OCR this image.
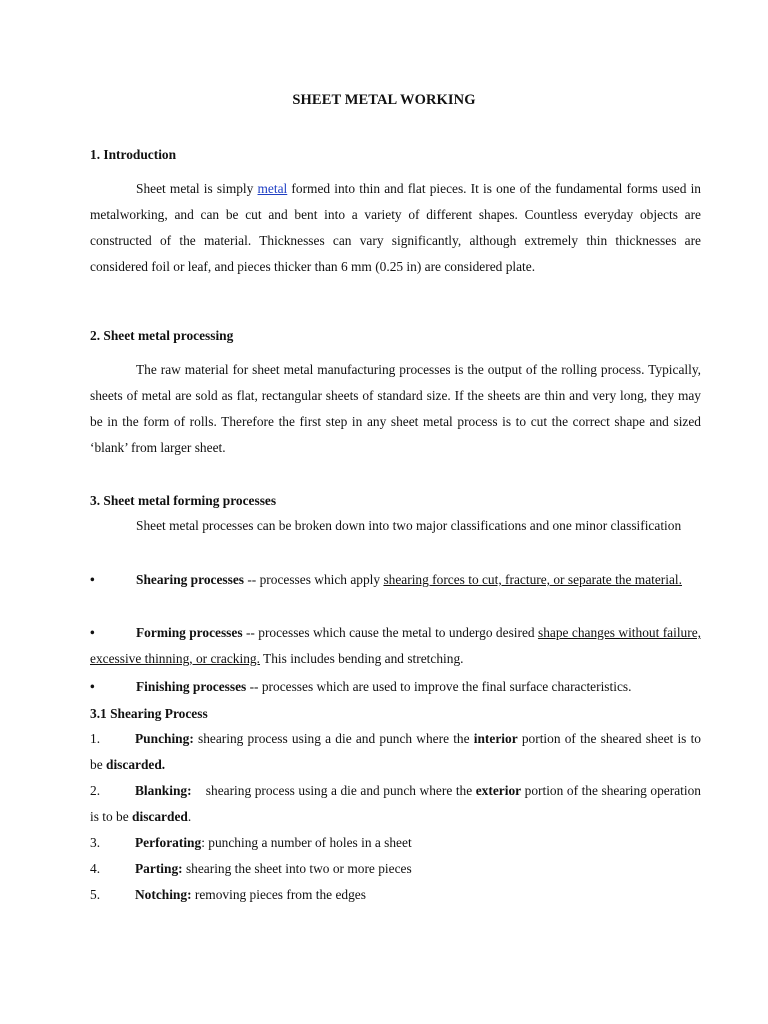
SHEET METAL WORKING
1. Introduction
Sheet metal is simply metal formed into thin and flat pieces. It is one of the fundamental forms used in metalworking, and can be cut and bent into a variety of different shapes. Countless everyday objects are constructed of the material. Thicknesses can vary significantly, although extremely thin thicknesses are considered foil or leaf, and pieces thicker than 6 mm (0.25 in) are considered plate.
2. Sheet metal processing
The raw material for sheet metal manufacturing processes is the output of the rolling process. Typically, sheets of metal are sold as flat, rectangular sheets of standard size. If the sheets are thin and very long, they may be in the form of rolls. Therefore the first step in any sheet metal process is to cut the correct shape and sized ‘blank’ from larger sheet.
3. Sheet metal forming processes
Sheet metal processes can be broken down into two major classifications and one minor classification
•	Shearing processes -- processes which apply shearing forces to cut, fracture, or separate the material.
•	Forming processes -- processes which cause the metal to undergo desired shape changes without failure, excessive thinning, or cracking. This includes bending and stretching.
•	Finishing processes -- processes which are used to improve the final surface characteristics.
3.1 Shearing Process
1.	Punching: shearing process using a die and punch where the interior portion of the sheared sheet is to be discarded.
2.	Blanking:    shearing process using a die and punch where the exterior portion of the shearing operation is to be discarded.
3.	Perforating: punching a number of holes in a sheet
4.	Parting: shearing the sheet into two or more pieces
5.	Notching: removing pieces from the edges
